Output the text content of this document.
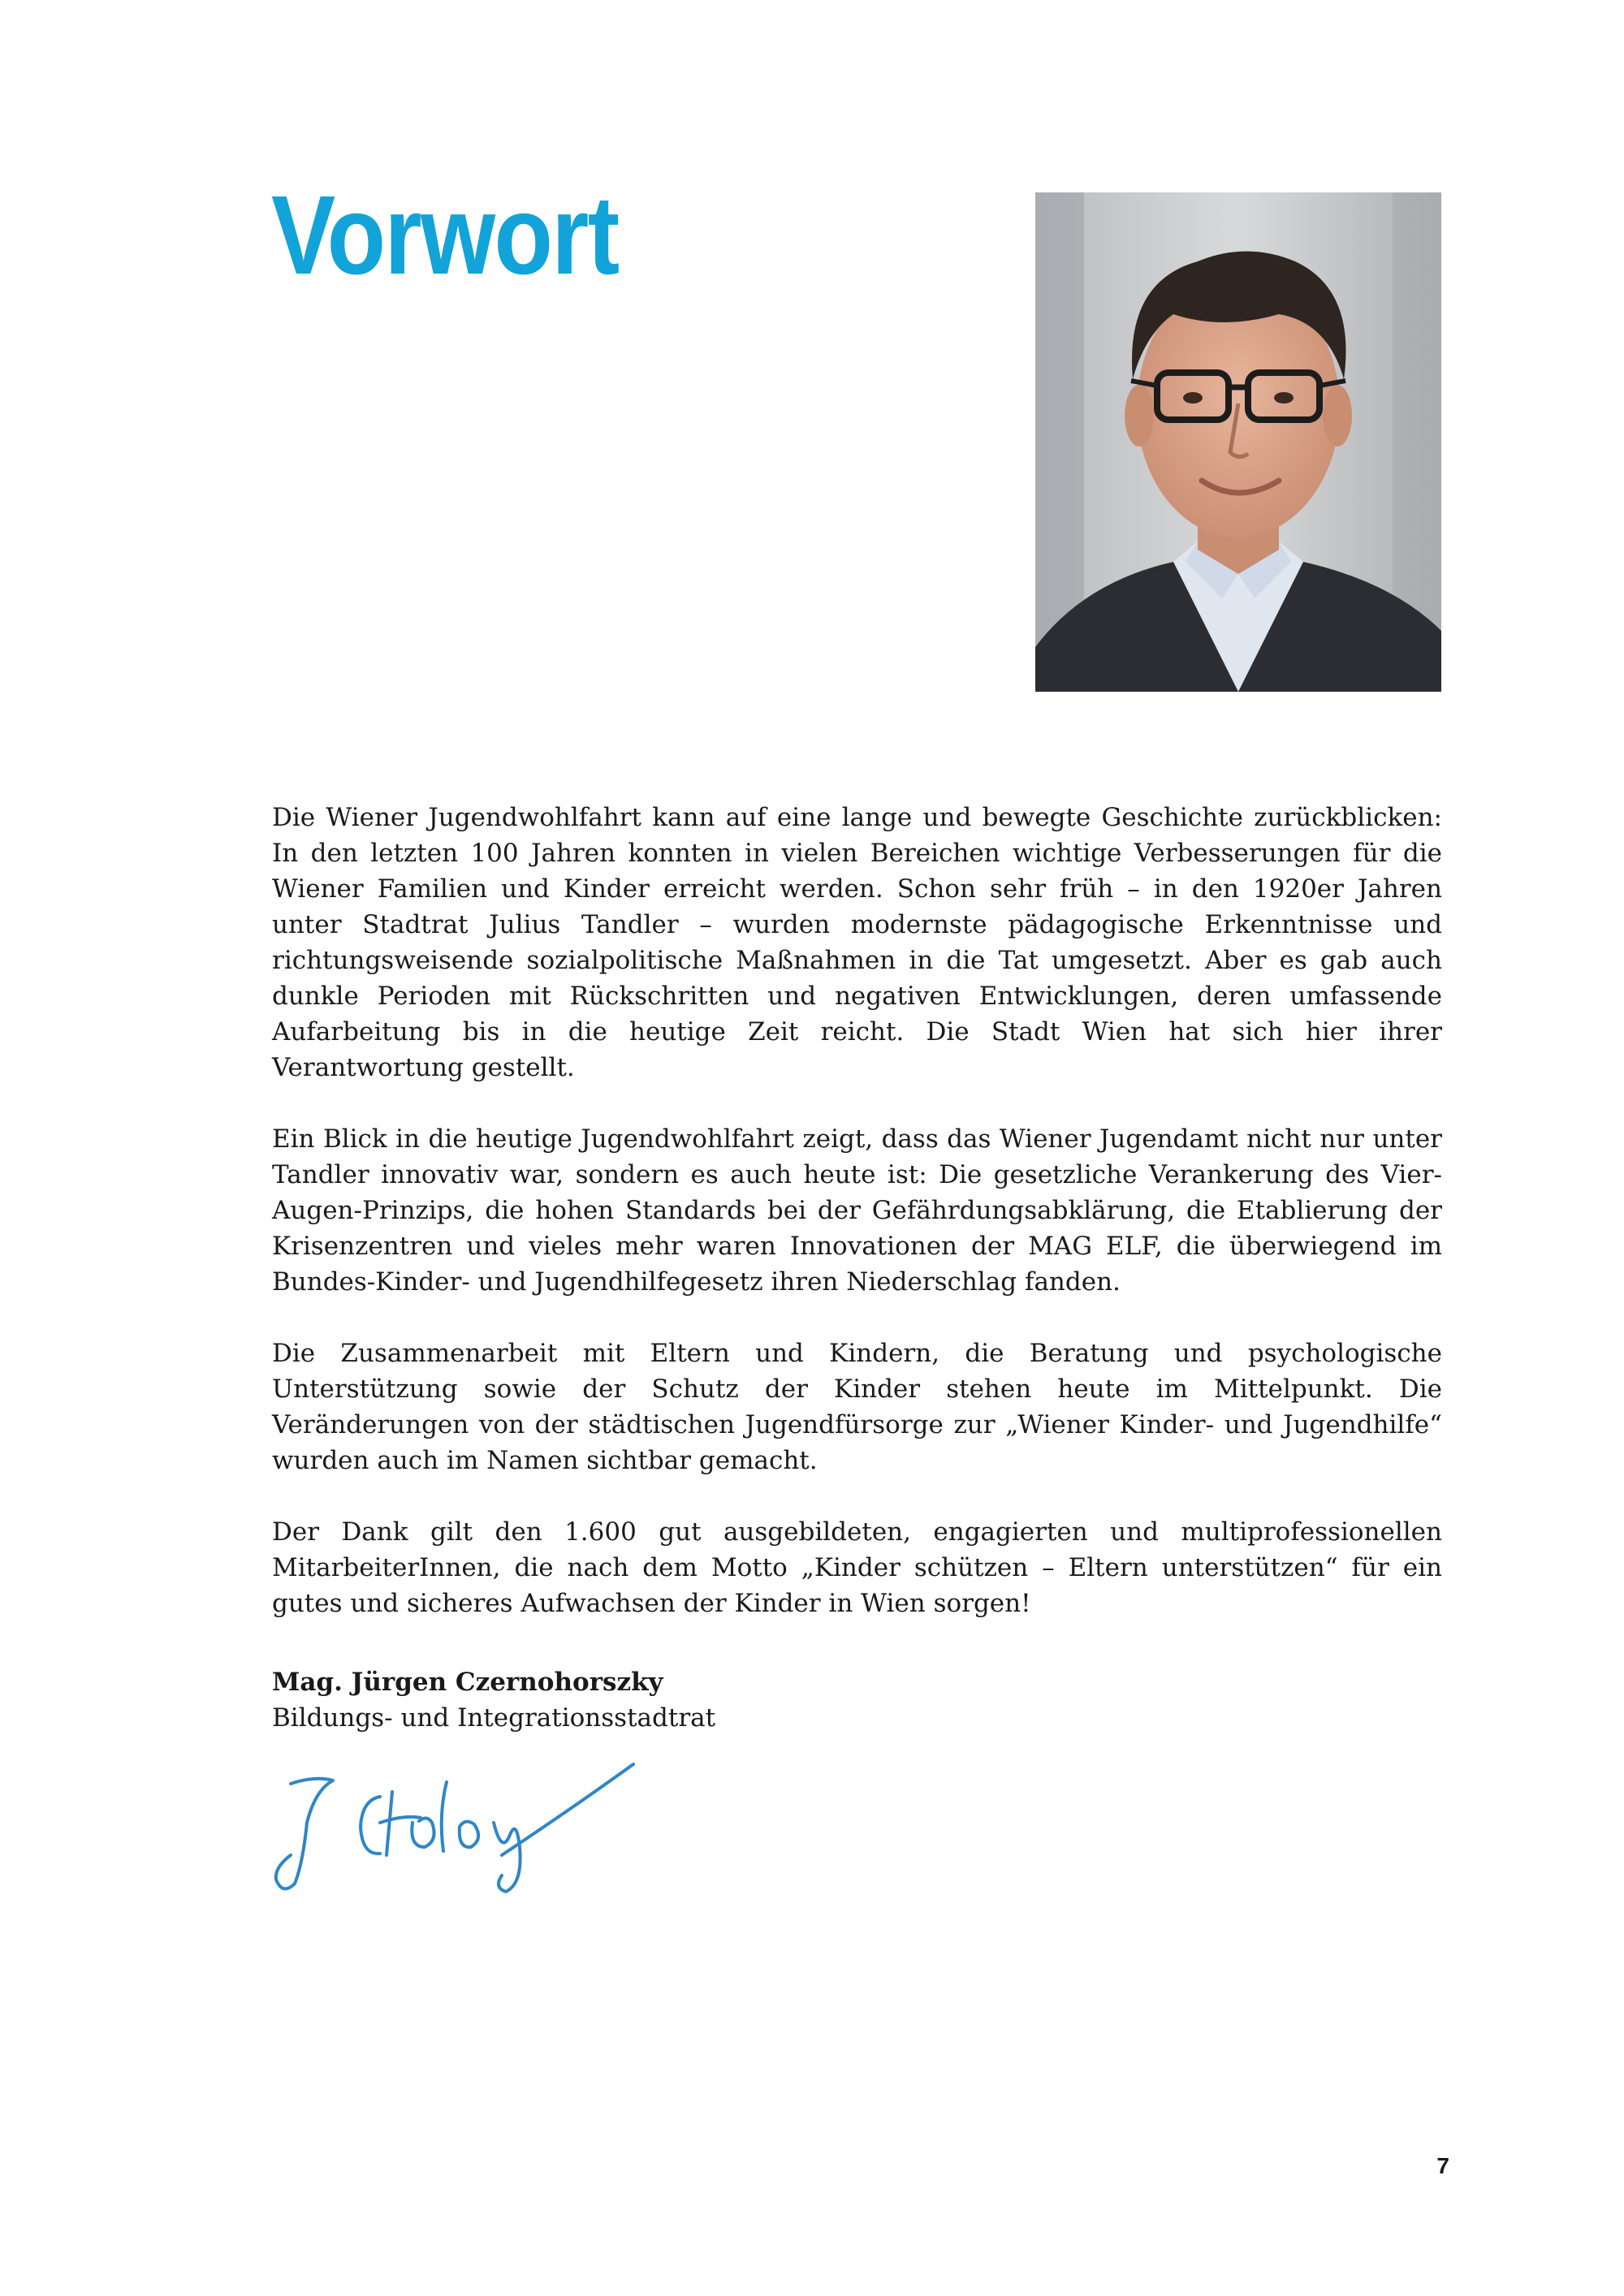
Vorwort

Die Wiener Jugendwohlfahrt kann auf eine lange und bewegte Geschichte zurückblicken: In den letzten 100 Jahren konnten in vielen Bereichen wichtige Verbesserungen für die Wiener Familien und Kinder erreicht werden. Schon sehr früh – in den 1920er Jahren unter Stadtrat Julius Tandler – wurden modernste pädagogische Erkenntnisse und richtungsweisende sozialpolitische Maßnahmen in die Tat umgesetzt. Aber es gab auch dunkle Perioden mit Rückschritten und negativen Entwicklungen, deren umfassende Aufarbeitung bis in die heutige Zeit reicht. Die Stadt Wien hat sich hier ihrer Verantwortung gestellt.

Ein Blick in die heutige Jugendwohlfahrt zeigt, dass das Wiener Jugendamt nicht nur unter Tandler innovativ war, sondern es auch heute ist: Die gesetzliche Verankerung des Vier-Augen-Prinzips, die hohen Standards bei der Gefährdungsabklärung, die Etablierung der Krisenzentren und vieles mehr waren Innovationen der MAG ELF, die überwiegend im Bundes-Kinder- und Jugendhilfegesetz ihren Niederschlag fanden.

Die Zusammenarbeit mit Eltern und Kindern, die Beratung und psychologische Unterstützung sowie der Schutz der Kinder stehen heute im Mittelpunkt. Die Veränderungen von der städtischen Jugendfürsorge zur „Wiener Kinder- und Jugendhilfe“ wurden auch im Namen sichtbar gemacht.

Der Dank gilt den 1.600 gut ausgebildeten, engagierten und multiprofessionellen MitarbeiterInnen, die nach dem Motto „Kinder schützen – Eltern unterstützen“ für ein gutes und sicheres Aufwachsen der Kinder in Wien sorgen!

Mag. Jürgen Czernohorszky
Bildungs- und Integrationsstadtrat
7
